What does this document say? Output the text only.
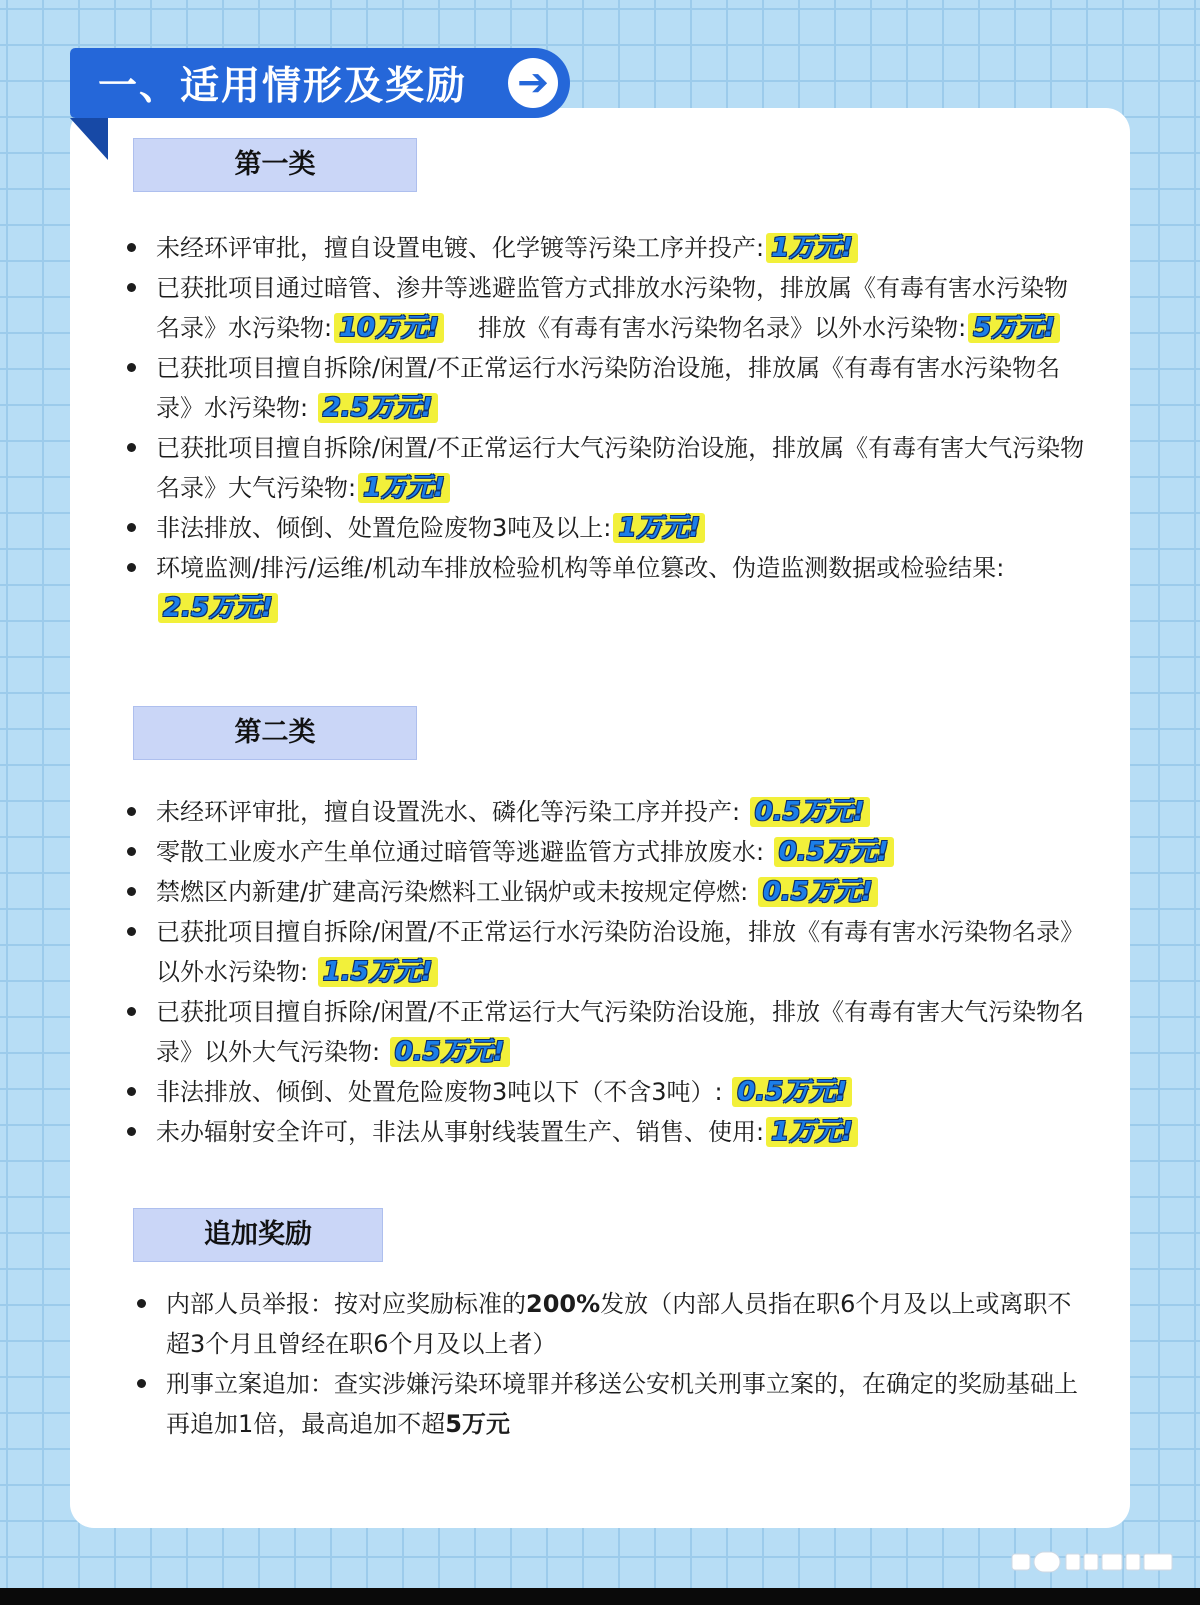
一、适用情形及奖励 ➔
第一类
未经环评审批，擅自设置电镀、化学镀等污染工序并投产: 1万元!
已获批项目通过暗管、渗井等逃避监管方式排放水污染物，排放属《有毒有害水污染物名录》水污染物: 10万元! 排放《有毒有害水污染物名录》以外水污染物: 5万元!
已获批项目擅自拆除/闲置/不正常运行水污染防治设施，排放属《有毒有害水污染物名录》水污染物: 2.5万元!
已获批项目擅自拆除/闲置/不正常运行大气污染防治设施，排放属《有毒有害大气污染物名录》大气污染物: 1万元!
非法排放、倾倒、处置危险废物3吨及以上: 1万元!
环境监测/排污/运维/机动车排放检验机构等单位篡改、伪造监测数据或检验结果: 2.5万元!
第二类
未经环评审批，擅自设置洗水、磷化等污染工序并投产: 0.5万元!
零散工业废水产生单位通过暗管等逃避监管方式排放废水: 0.5万元!
禁燃区内新建/扩建高污染燃料工业锅炉或未按规定停燃: 0.5万元!
已获批项目擅自拆除/闲置/不正常运行水污染防治设施，排放《有毒有害水污染物名录》以外水污染物: 1.5万元!
已获批项目擅自拆除/闲置/不正常运行大气污染防治设施，排放《有毒有害大气污染物名录》以外大气污染物: 0.5万元!
非法排放、倾倒、处置危险废物3吨以下（不含3吨）: 0.5万元!
未办辐射安全许可，非法从事射线装置生产、销售、使用: 1万元!
追加奖励
内部人员举报：按对应奖励标准的200%发放（内部人员指在职6个月及以上或离职不超3个月且曾经在职6个月及以上者）
刑事立案追加：查实涉嫌污染环境罪并移送公安机关刑事立案的，在确定的奖励基础上再追加1倍，最高追加不超5万元
